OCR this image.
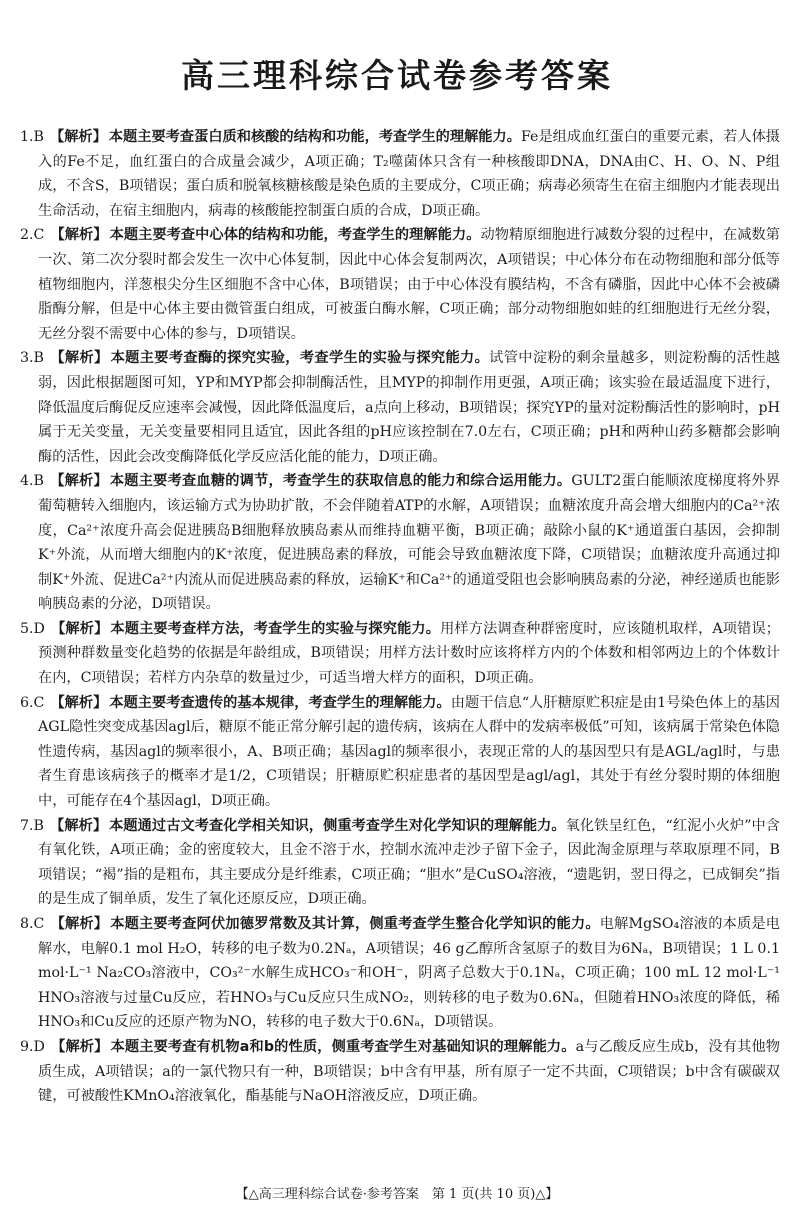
高三理科综合试卷参考答案

1.B 【解析】 本题主要考查蛋白质和核酸的结构和功能，考查学生的理解能力。Fe是组成血红蛋白的重要元素，若人体摄入的Fe不足，血红蛋白的合成量会减少，A项正确；T₂噬菌体只含有一种核酸即DNA，DNA由C、H、O、N、P组成，不含S，B项错误；蛋白质和脱氧核糖核酸是染色质的主要成分，C项正确；病毒必须寄生在宿主细胞内才能表现出生命活动，在宿主细胞内，病毒的核酸能控制蛋白质的合成，D项正确。

2.C 【解析】 本题主要考查中心体的结构和功能，考查学生的理解能力。动物精原细胞进行减数分裂的过程中，在减数第一次、第二次分裂时都会发生一次中心体复制，因此中心体会复制两次，A项错误；中心体分布在动物细胞和部分低等植物细胞内，洋葱根尖分生区细胞不含中心体，B项错误；由于中心体没有膜结构，不含有磷脂，因此中心体不会被磷脂酶分解，但是中心体主要由微管蛋白组成，可被蛋白酶水解，C项正确；部分动物细胞如蛙的红细胞进行无丝分裂，无丝分裂不需要中心体的参与，D项错误。

3.B 【解析】 本题主要考查酶的探究实验，考查学生的实验与探究能力。试管中淀粉的剩余量越多，则淀粉酶的活性越弱，因此根据题图可知，YP和MYP都会抑制酶活性，且MYP的抑制作用更强，A项正确；该实验在最适温度下进行，降低温度后酶促反应速率会减慢，因此降低温度后，a点向上移动，B项错误；探究YP的量对淀粉酶活性的影响时，pH属于无关变量，无关变量要相同且适宜，因此各组的pH应该控制在7.0左右，C项正确；pH和两种山药多糖都会影响酶的活性，因此会改变酶降低化学反应活化能的能力，D项正确。

4.B 【解析】 本题主要考查血糖的调节，考查学生的获取信息的能力和综合运用能力。GULT2蛋白能顺浓度梯度将外界葡萄糖转入细胞内，该运输方式为协助扩散，不会伴随着ATP的水解，A项错误；血糖浓度升高会增大细胞内的Ca²⁺浓度，Ca²⁺浓度升高会促进胰岛B细胞释放胰岛素从而维持血糖平衡，B项正确；敲除小鼠的K⁺通道蛋白基因，会抑制K⁺外流，从而增大细胞内的K⁺浓度，促进胰岛素的释放，可能会导致血糖浓度下降，C项错误；血糖浓度升高通过抑制K⁺外流、促进Ca²⁺内流从而促进胰岛素的释放，运输K⁺和Ca²⁺的通道受阻也会影响胰岛素的分泌，神经递质也能影响胰岛素的分泌，D项错误。

5.D 【解析】 本题主要考查样方法，考查学生的实验与探究能力。用样方法调查种群密度时，应该随机取样，A项错误；预测种群数量变化趋势的依据是年龄组成，B项错误；用样方法计数时应该将样方内的个体数和相邻两边上的个体数计在内，C项错误；若样方内杂草的数量过少，可适当增大样方的面积，D项正确。

6.C 【解析】 本题主要考查遗传的基本规律，考查学生的理解能力。由题干信息“人肝糖原贮积症是由1号染色体上的基因AGL隐性突变成基因agl后，糖原不能正常分解引起的遗传病，该病在人群中的发病率极低”可知，该病属于常染色体隐性遗传病，基因agl的频率很小，A、B项正确；基因agl的频率很小，表现正常的人的基因型只有是AGL/agl时，与患者生育患该病孩子的概率才是1/2，C项错误；肝糖原贮积症患者的基因型是agl/agl，其处于有丝分裂时期的体细胞中，可能存在4个基因agl，D项正确。

7.B 【解析】 本题通过古文考查化学相关知识，侧重考查学生对化学知识的理解能力。氧化铁呈红色，“红泥小火炉”中含有氧化铁，A项正确；金的密度较大，且金不溶于水，控制水流冲走沙子留下金子，因此淘金原理与萃取原理不同，B项错误；“褐”指的是粗布，其主要成分是纤维素，C项正确；“胆水”是CuSO₄溶液，“遗匙钥，翌日得之，已成铜矣”指的是生成了铜单质，发生了氧化还原反应，D项正确。

8.C 【解析】 本题主要考查阿伏加德罗常数及其计算，侧重考查学生整合化学知识的能力。电解MgSO₄溶液的本质是电解水，电解0.1 mol H₂O，转移的电子数为0.2Nₐ，A项错误；46 g乙醇所含氢原子的数目为6Nₐ，B项错误；1 L 0.1 mol·L⁻¹ Na₂CO₃溶液中，CO₃²⁻水解生成HCO₃⁻和OH⁻，阴离子总数大于0.1Nₐ，C项正确；100 mL 12 mol·L⁻¹ HNO₃溶液与过量Cu反应，若HNO₃与Cu反应只生成NO₂，则转移的电子数为0.6Nₐ，但随着HNO₃浓度的降低，稀HNO₃和Cu反应的还原产物为NO，转移的电子数大于0.6Nₐ，D项错误。

9.D 【解析】 本题主要考查有机物a和b的性质，侧重考查学生对基础知识的理解能力。a与乙酸反应生成b，没有其他物质生成，A项错误；a的一氯代物只有一种，B项错误；b中含有甲基，所有原子一定不共面，C项错误；b中含有碳碳双键，可被酸性KMnO₄溶液氧化，酯基能与NaOH溶液反应，D项正确。

【△高三理科综合试卷·参考答案　第 1 页(共 10 页)△】
